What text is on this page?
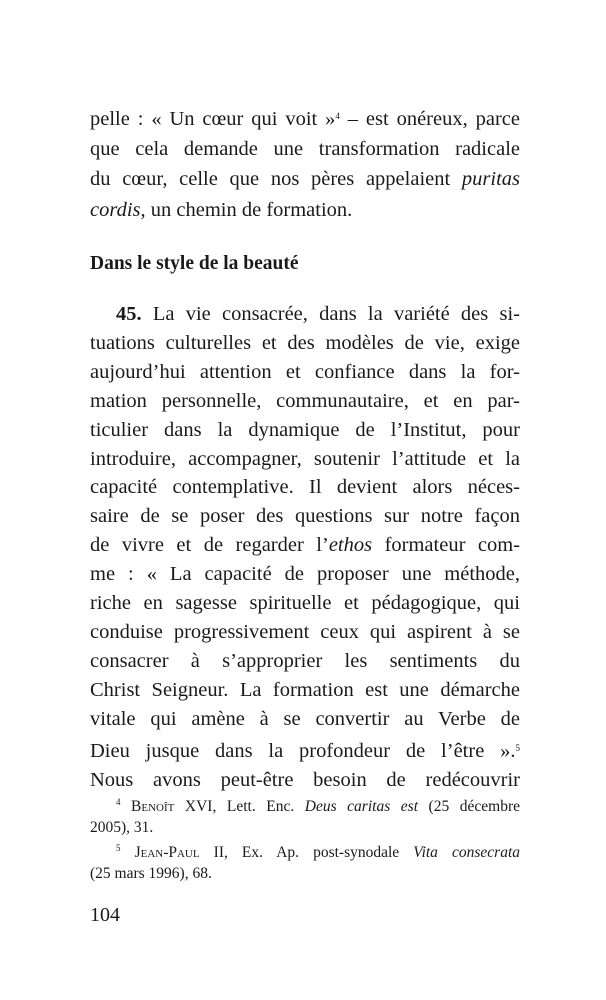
pelle : « Un cœur qui voit »$^4$ – est onéreux, parce
que cela demande une transformation radicale
du cœur, celle que nos pères appelaient puritas
cordis, un chemin de formation.
Dans le style de la beauté
45. La vie consacrée, dans la variété des si-
tuations culturelles et des modèles de vie, exige
aujourd’hui attention et confiance dans la for-
mation personnelle, communautaire, et en par-
ticulier dans la dynamique de l’Institut, pour
introduire, accompagner, soutenir l’attitude et la
capacité contemplative. Il devient alors néces-
saire de se poser des questions sur notre façon
de vivre et de regarder l’ethos formateur com-
me : « La capacité de proposer une méthode,
riche en sagesse spirituelle et pédagogique, qui
conduise progressivement ceux qui aspirent à se
consacrer à s’approprier les sentiments du
Christ Seigneur. La formation est une démarche
vitale qui amène à se convertir au Verbe de
Dieu jusque dans la profondeur de l’être ».$^5$
Nous avons peut-être besoin de redécouvrir
$^4$ Benoît XVI, Lett. Enc. Deus caritas est (25 décembre
2005), 31.
$^5$ Jean-Paul II, Ex. Ap. post-synodale Vita consecrata
(25 mars 1996), 68.
104
